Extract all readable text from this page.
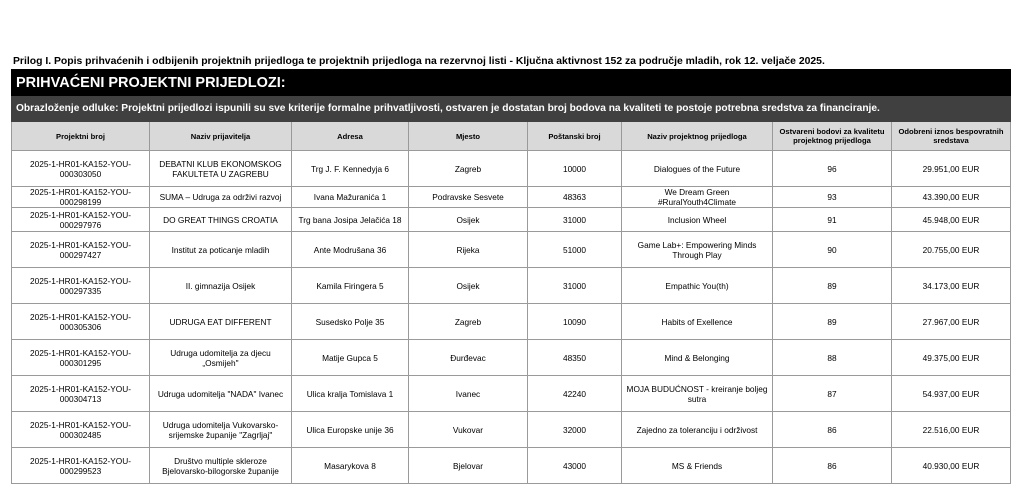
Prilog I. Popis prihvaćenih i odbijenih projektnih prijedloga te projektnih prijedloga na rezervnoj listi - Ključna aktivnost 152 za područje mladih, rok 12. veljače 2025.
PRIHVAĆENI PROJEKTNI PRIJEDLOZI:							
Obrazloženje odluke: Projektni prijedlozi ispunili su sve kriterije formalne prihvatljivosti, ostvaren je dostatan broj bodova na kvaliteti te postoje potrebna sredstva za financiranje.							
Projektni broj	Naziv prijavitelja	Adresa	Mjesto	Poštanski broj	Naziv projektnog prijedloga	Ostvareni bodovi za kvalitetu projektnog prijedloga	Odobreni iznos bespovratnih sredstava
2025-1-HR01-KA152-YOU-000303050	DEBATNI KLUB EKONOMSKOG FAKULTETA U ZAGREBU	Trg J. F. Kennedyja 6	Zagreb	10000	Dialogues of the Future	96	29.951,00 EUR
2025-1-HR01-KA152-YOU-000298199	SUMA – Udruga za održivi razvoj	Ivana Mažuranića 1	Podravske Sesvete	48363	We Dream Green #RuralYouth4Climate	93	43.390,00 EUR
2025-1-HR01-KA152-YOU-000297976	DO GREAT THINGS CROATIA	Trg bana Josipa Jelačića 18	Osijek	31000	Inclusion Wheel	91	45.948,00 EUR
2025-1-HR01-KA152-YOU-000297427	Institut za poticanje mladih	Ante Modrušana 36	Rijeka	51000	Game Lab+: Empowering Minds Through Play	90	20.755,00 EUR
2025-1-HR01-KA152-YOU-000297335	II. gimnazija Osijek	Kamila Firingera 5	Osijek	31000	Empathic You(th)	89	34.173,00 EUR
2025-1-HR01-KA152-YOU-000305306	UDRUGA EAT DIFFERENT	Susedsko Polje 35	Zagreb	10090	Habits of Exellence	89	27.967,00 EUR
2025-1-HR01-KA152-YOU-000301295	Udruga udomitelja za djecu „Osmijeh"	Matije Gupca 5	Đurđevac	48350	Mind & Belonging	88	49.375,00 EUR
2025-1-HR01-KA152-YOU-000304713	Udruga udomitelja "NADA" Ivanec	Ulica kralja Tomislava 1	Ivanec	42240	MOJA BUDUĆNOST - kreiranje boljeg sutra	87	54.937,00 EUR
2025-1-HR01-KA152-YOU-000302485	Udruga udomitelja Vukovarsko-srijemske županije "Zagrljaj"	Ulica Europske unije 36	Vukovar	32000	Zajedno za toleranciju i održivost	86	22.516,00 EUR
2025-1-HR01-KA152-YOU-000299523	Društvo multiple skleroze Bjelovarsko-bilogorske županije	Masarykova 8	Bjelovar	43000	MS & Friends	86	40.930,00 EUR
